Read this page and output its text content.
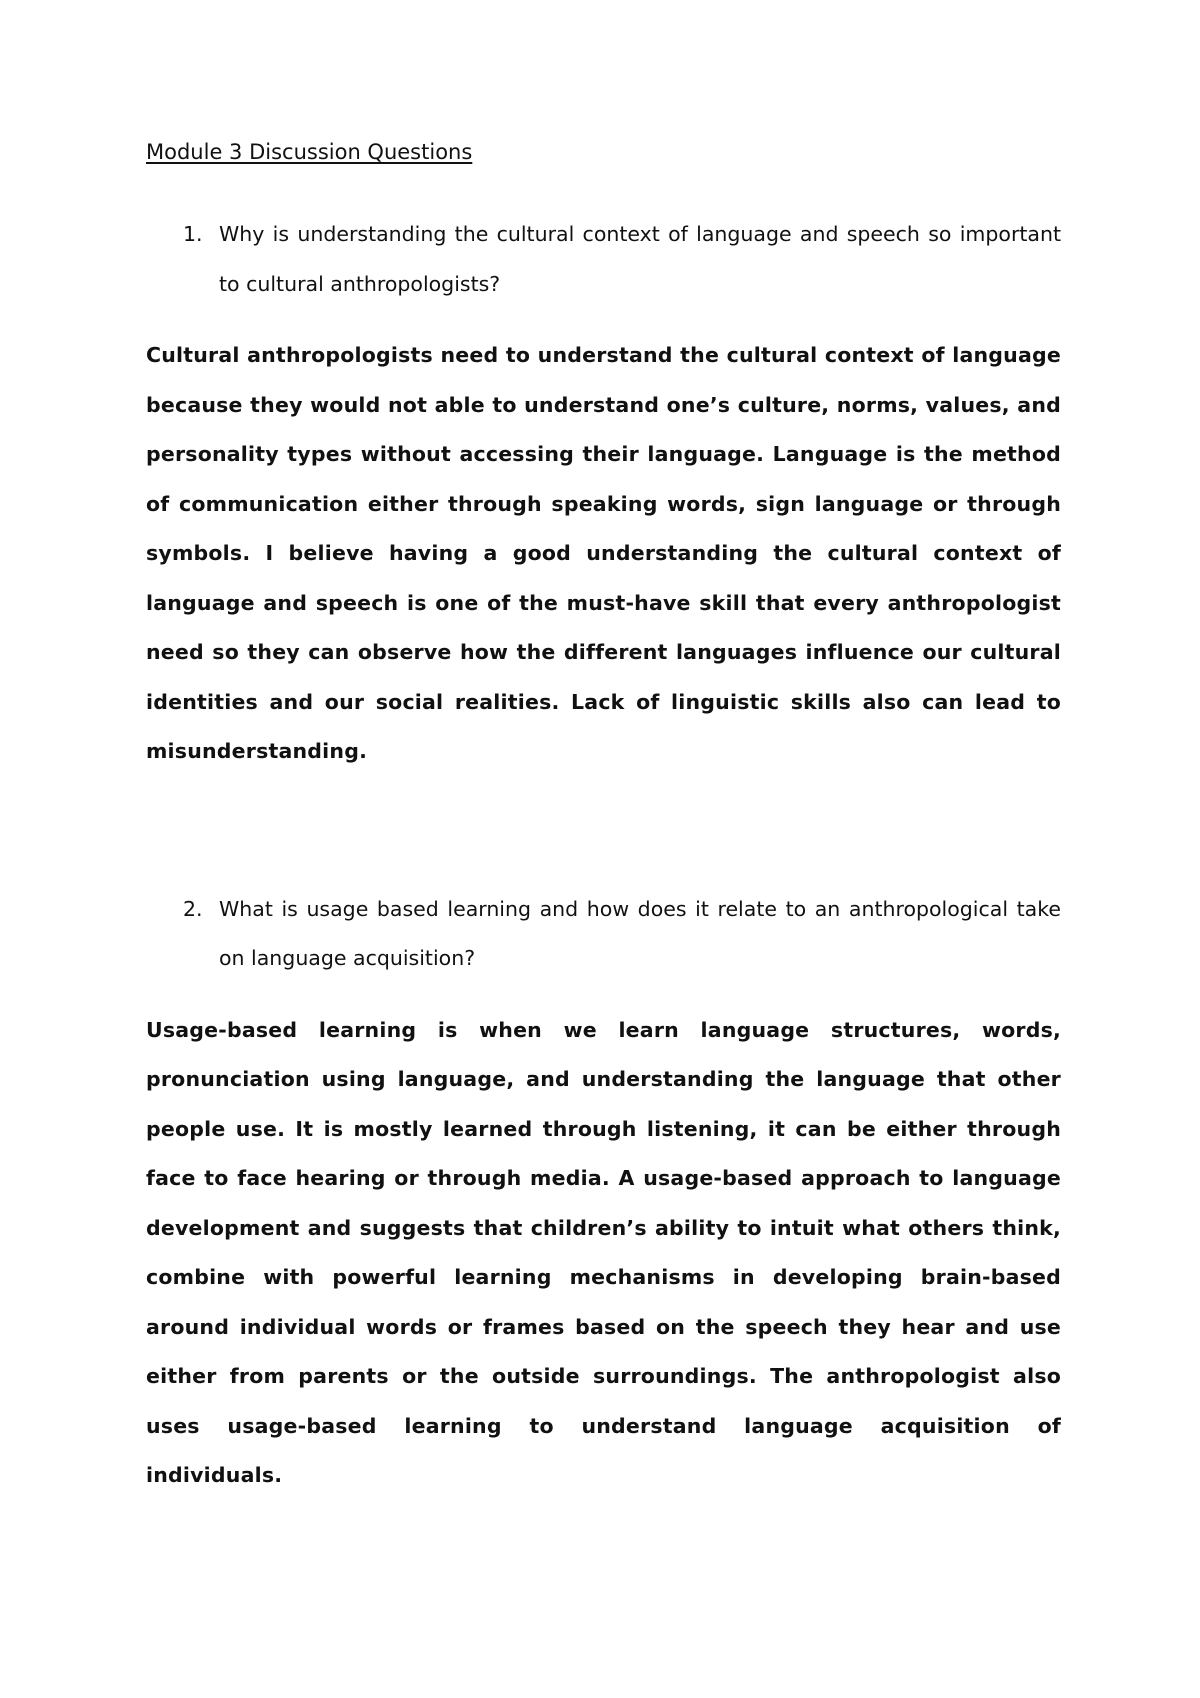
Module 3 Discussion Questions
1. Why is understanding the cultural context of language and speech so important to cultural anthropologists?

Cultural anthropologists need to understand the cultural context of language because they would not able to understand one’s culture, norms, values, and personality types without accessing their language. Language is the method of communication either through speaking words, sign language or through symbols. I believe having a good understanding the cultural context of language and speech is one of the must-have skill that every anthropologist need so they can observe how the different languages influence our cultural identities and our social realities. Lack of linguistic skills also can lead to misunderstanding.

2. What is usage based learning and how does it relate to an anthropological take on language acquisition?

Usage-based learning is when we learn language structures, words, pronunciation using language, and understanding the language that other people use. It is mostly learned through listening, it can be either through face to face hearing or through media. A usage-based approach to language development and suggests that children’s ability to intuit what others think, combine with powerful learning mechanisms in developing brain-based around individual words or frames based on the speech they hear and use either from parents or the outside surroundings. The anthropologist also uses usage-based learning to understand language acquisition of individuals.
